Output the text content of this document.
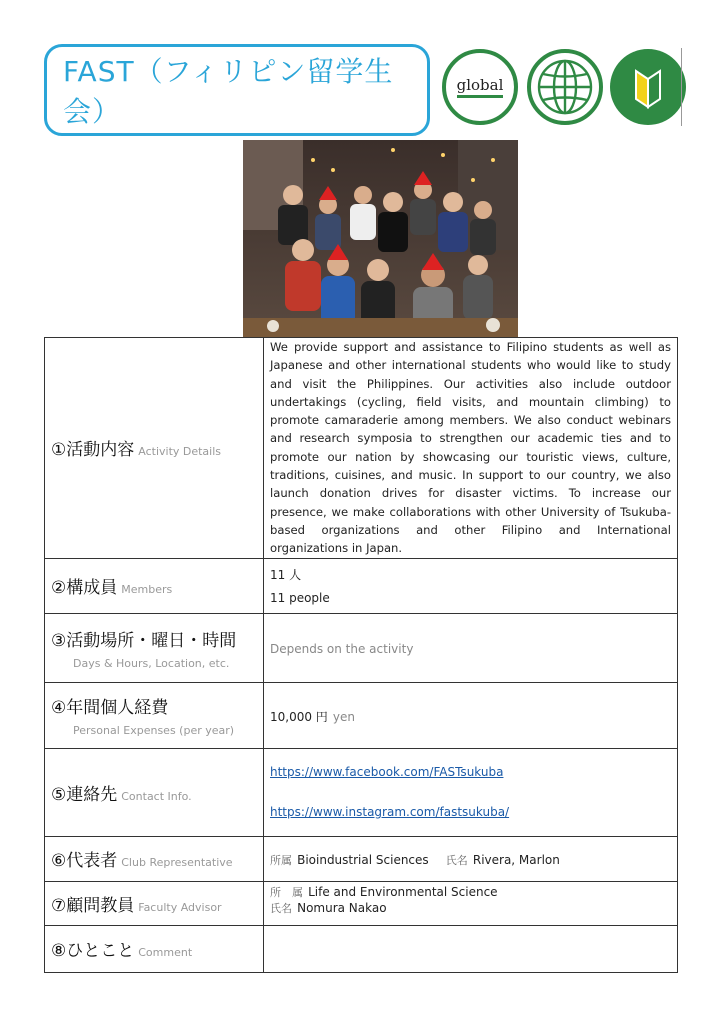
FAST（フィリピン留学生会）
global
①活動内容 Activity Details	We provide support and assistance to Filipino students as well as Japanese and other international students who would like to study and visit the Philippines. Our activities also include outdoor undertakings (cycling, field visits, and mountain climbing) to promote camaraderie among members. We also conduct webinars and research symposia to strengthen our academic ties and to promote our nation by showcasing our touristic views, culture, traditions, cuisines, and music. In support to our country, we also launch donation drives for disaster victims. To increase our presence, we make collaborations with other University of Tsukuba-based organizations and other Filipino and International organizations in Japan.

②構成員 Members	11 人
11 people

③活動場所・曜日・時間
Days & Hours, Location, etc.	Depends on the activity
④年間個人経費
Personal Expenses (per year)	10,000 円 yen
⑤連絡先 Contact Info.	https://www.facebook.com/FASTsukuba
https://www.instagram.com/fastsukuba/

⑥代表者 Club Representative	所属 Bioindustrial Sciences 氏名 Rivera, Marlon
⑦顧問教員 Faculty Advisor	所　属 Life and Environmental Science
氏名 Nomura Nakao

⑧ひとこと Comment	
